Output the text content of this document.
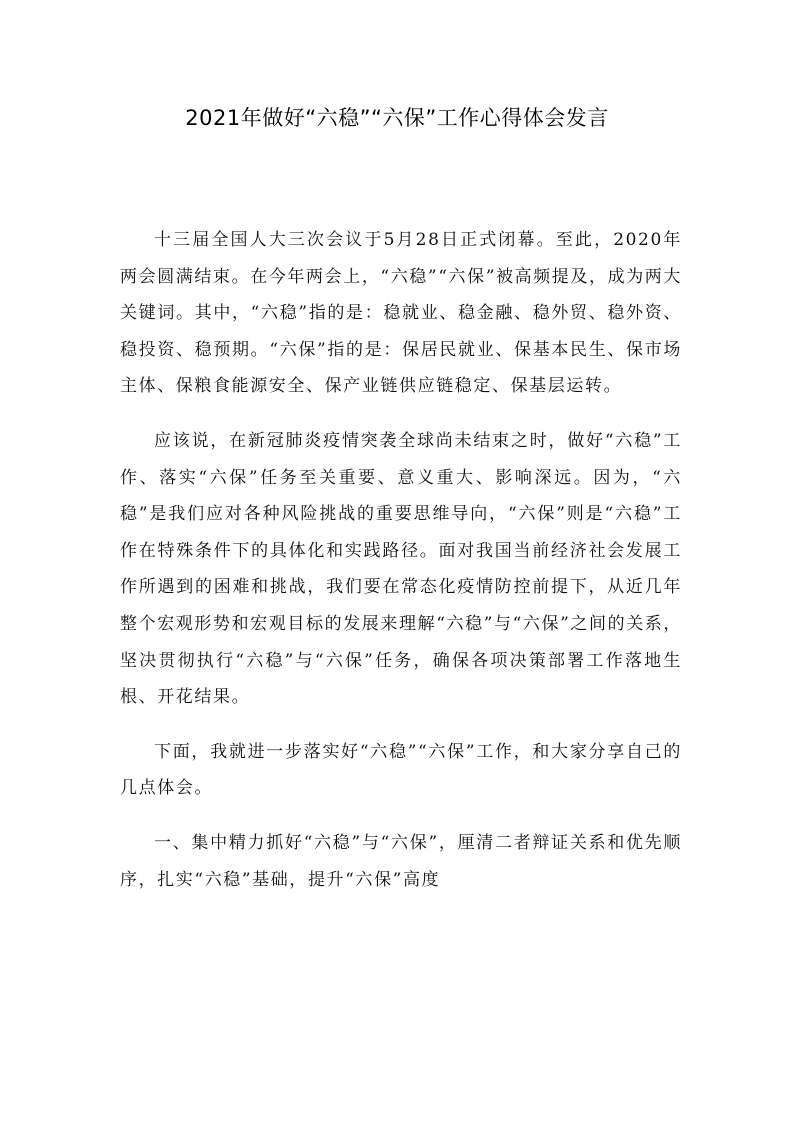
2021年做好“六稳”“六保”工作心得体会发言

十三届全国人大三次会议于5月28日正式闭幕。至此，2020年两会圆满结束。在今年两会上，“六稳”“六保”被高频提及，成为两大关键词。其中，“六稳”指的是：稳就业、稳金融、稳外贸、稳外资、稳投资、稳预期。“六保”指的是：保居民就业、保基本民生、保市场主体、保粮食能源安全、保产业链供应链稳定、保基层运转。

应该说，在新冠肺炎疫情突袭全球尚未结束之时，做好“六稳”工作、落实“六保”任务至关重要、意义重大、影响深远。因为，“六稳”是我们应对各种风险挑战的重要思维导向，“六保”则是“六稳”工作在特殊条件下的具体化和实践路径。面对我国当前经济社会发展工作所遇到的困难和挑战，我们要在常态化疫情防控前提下，从近几年整个宏观形势和宏观目标的发展来理解“六稳”与“六保”之间的关系，坚决贯彻执行“六稳”与“六保”任务，确保各项决策部署工作落地生根、开花结果。

下面，我就进一步落实好“六稳”“六保”工作，和大家分享自己的几点体会。

一、集中精力抓好“六稳”与“六保”，厘清二者辩证关系和优先顺序，扎实“六稳”基础，提升“六保”高度
